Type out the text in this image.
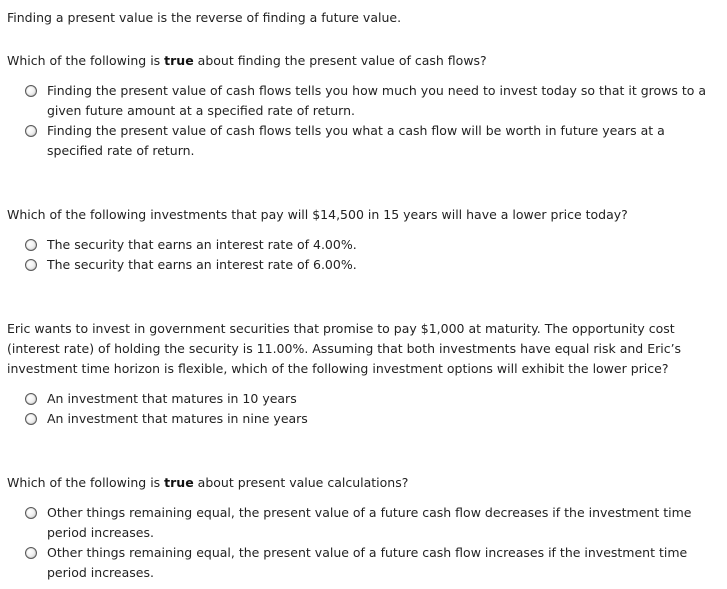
Finding a present value is the reverse of finding a future value.

Which of the following is true about finding the present value of cash flows?

Finding the present value of cash flows tells you how much you need to invest today so that it grows to a given future amount at a specified rate of return.
Finding the present value of cash flows tells you what a cash flow will be worth in future years at a specified rate of return.

Which of the following investments that pay will $14,500 in 15 years will have a lower price today?

The security that earns an interest rate of 4.00%.
The security that earns an interest rate of 6.00%.

Eric wants to invest in government securities that promise to pay $1,000 at maturity. The opportunity cost (interest rate) of holding the security is 11.00%. Assuming that both investments have equal risk and Eric’s investment time horizon is flexible, which of the following investment options will exhibit the lower price?

An investment that matures in 10 years
An investment that matures in nine years

Which of the following is true about present value calculations?

Other things remaining equal, the present value of a future cash flow decreases if the investment time period increases.
Other things remaining equal, the present value of a future cash flow increases if the investment time period increases.
